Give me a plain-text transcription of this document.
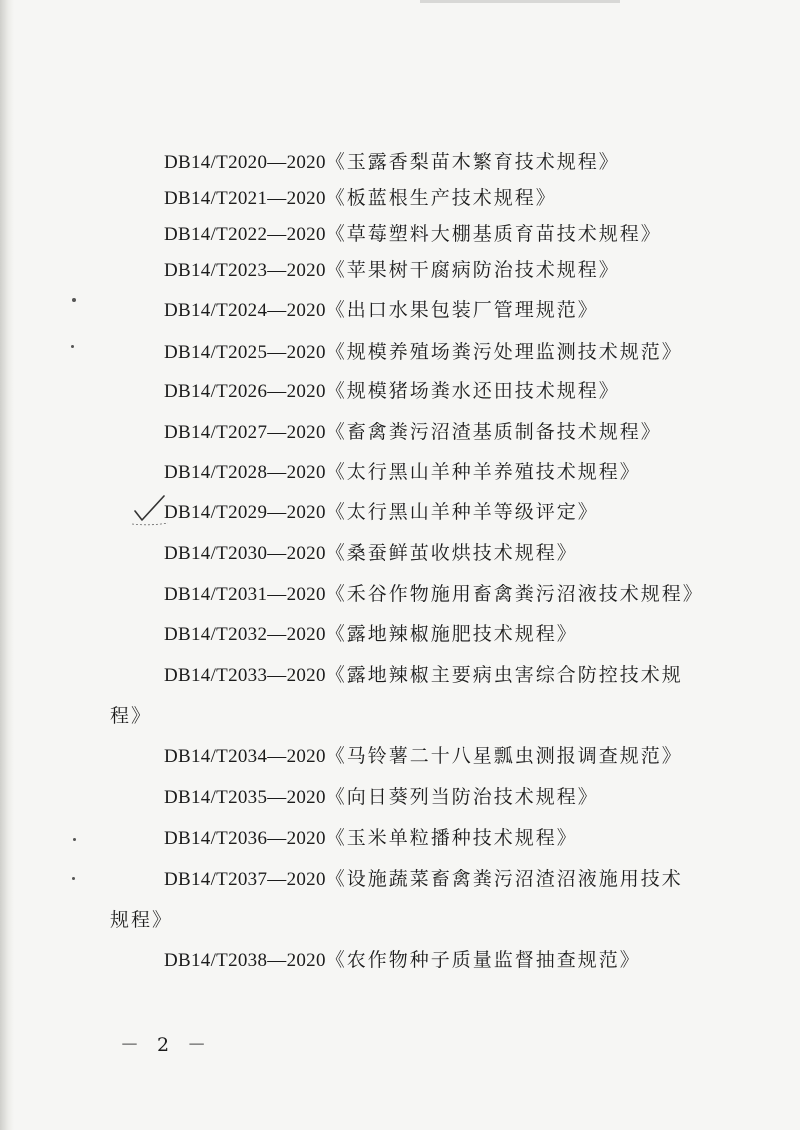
DB14/T2020—2020《玉露香梨苗木繁育技术规程》
DB14/T2021—2020《板蓝根生产技术规程》
DB14/T2022—2020《草莓塑料大棚基质育苗技术规程》
DB14/T2023—2020《苹果树干腐病防治技术规程》
DB14/T2024—2020《出口水果包装厂管理规范》
DB14/T2025—2020《规模养殖场粪污处理监测技术规范》
DB14/T2026—2020《规模猪场粪水还田技术规程》
DB14/T2027—2020《畜禽粪污沼渣基质制备技术规程》
DB14/T2028—2020《太行黑山羊种羊养殖技术规程》
DB14/T2029—2020《太行黑山羊种羊等级评定》
DB14/T2030—2020《桑蚕鲜茧收烘技术规程》
DB14/T2031—2020《禾谷作物施用畜禽粪污沼液技术规程》
DB14/T2032—2020《露地辣椒施肥技术规程》
DB14/T2033—2020《露地辣椒主要病虫害综合防控技术规
程》
DB14/T2034—2020《马铃薯二十八星瓢虫测报调查规范》
DB14/T2035—2020《向日葵列当防治技术规程》
DB14/T2036—2020《玉米单粒播种技术规程》
DB14/T2037—2020《设施蔬菜畜禽粪污沼渣沼液施用技术
规程》
DB14/T2038—2020《农作物种子质量监督抽查规范》
－ 2 －
